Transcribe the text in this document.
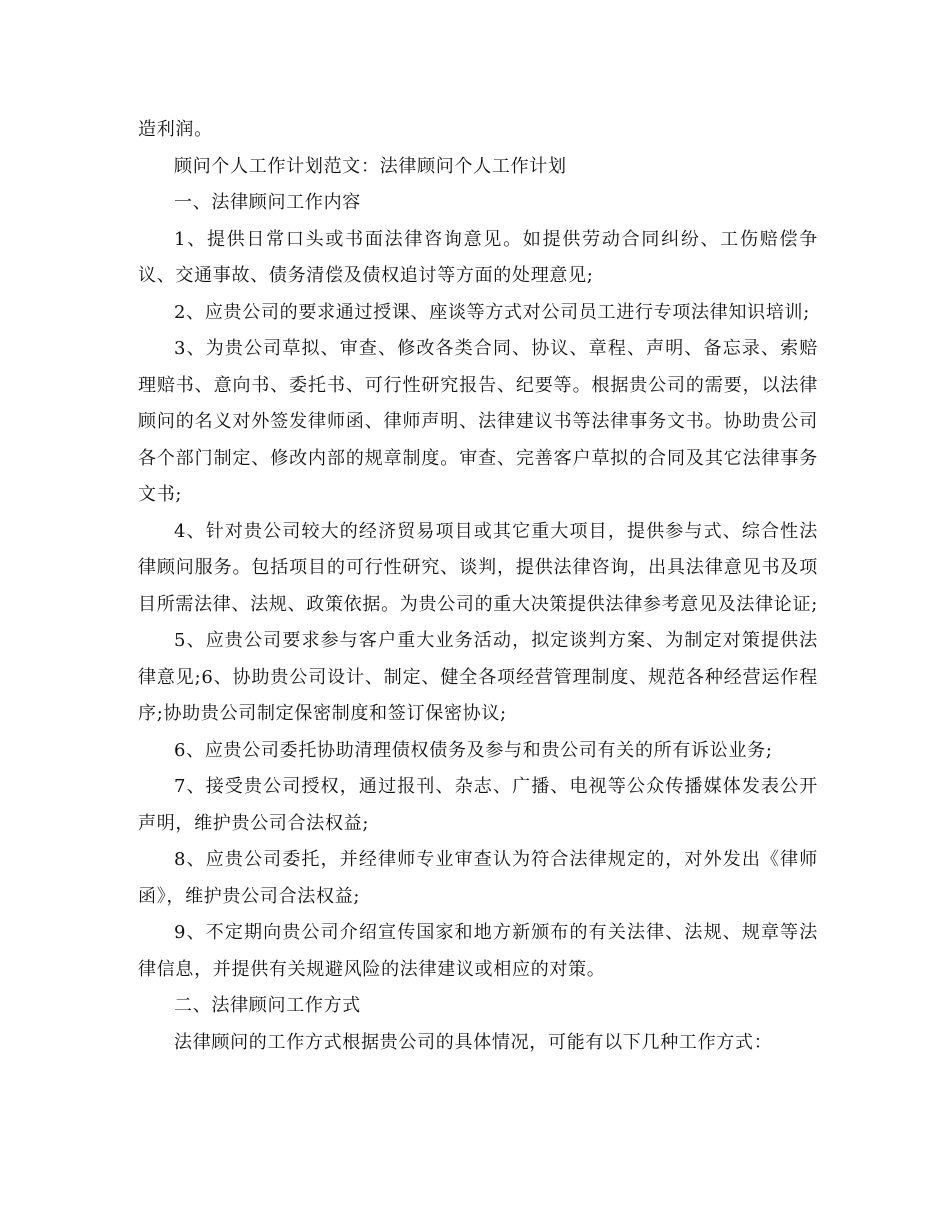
造利润。

顾问个人工作计划范文：法律顾问个人工作计划

一、法律顾问工作内容

1、提供日常口头或书面法律咨询意见。如提供劳动合同纠纷、工伤赔偿争议、交通事故、债务清偿及债权追讨等方面的处理意见;

2、应贵公司的要求通过授课、座谈等方式对公司员工进行专项法律知识培训;

3、为贵公司草拟、审查、修改各类合同、协议、章程、声明、备忘录、索赔理赔书、意向书、委托书、可行性研究报告、纪要等。根据贵公司的需要，以法律顾问的名义对外签发律师函、律师声明、法律建议书等法律事务文书。协助贵公司各个部门制定、修改内部的规章制度。审查、完善客户草拟的合同及其它法律事务文书;

4、针对贵公司较大的经济贸易项目或其它重大项目，提供参与式、综合性法律顾问服务。包括项目的可行性研究、谈判，提供法律咨询，出具法律意见书及项目所需法律、法规、政策依据。为贵公司的重大决策提供法律参考意见及法律论证;

5、应贵公司要求参与客户重大业务活动，拟定谈判方案、为制定对策提供法律意见;6、协助贵公司设计、制定、健全各项经营管理制度、规范各种经营运作程序;协助贵公司制定保密制度和签订保密协议;

6、应贵公司委托协助清理债权债务及参与和贵公司有关的所有诉讼业务;

7、接受贵公司授权，通过报刊、杂志、广播、电视等公众传播媒体发表公开声明，维护贵公司合法权益;

8、应贵公司委托，并经律师专业审查认为符合法律规定的，对外发出《律师函》，维护贵公司合法权益;

9、不定期向贵公司介绍宣传国家和地方新颁布的有关法律、法规、规章等法律信息，并提供有关规避风险的法律建议或相应的对策。

二、法律顾问工作方式

法律顾问的工作方式根据贵公司的具体情况，可能有以下几种工作方式：
